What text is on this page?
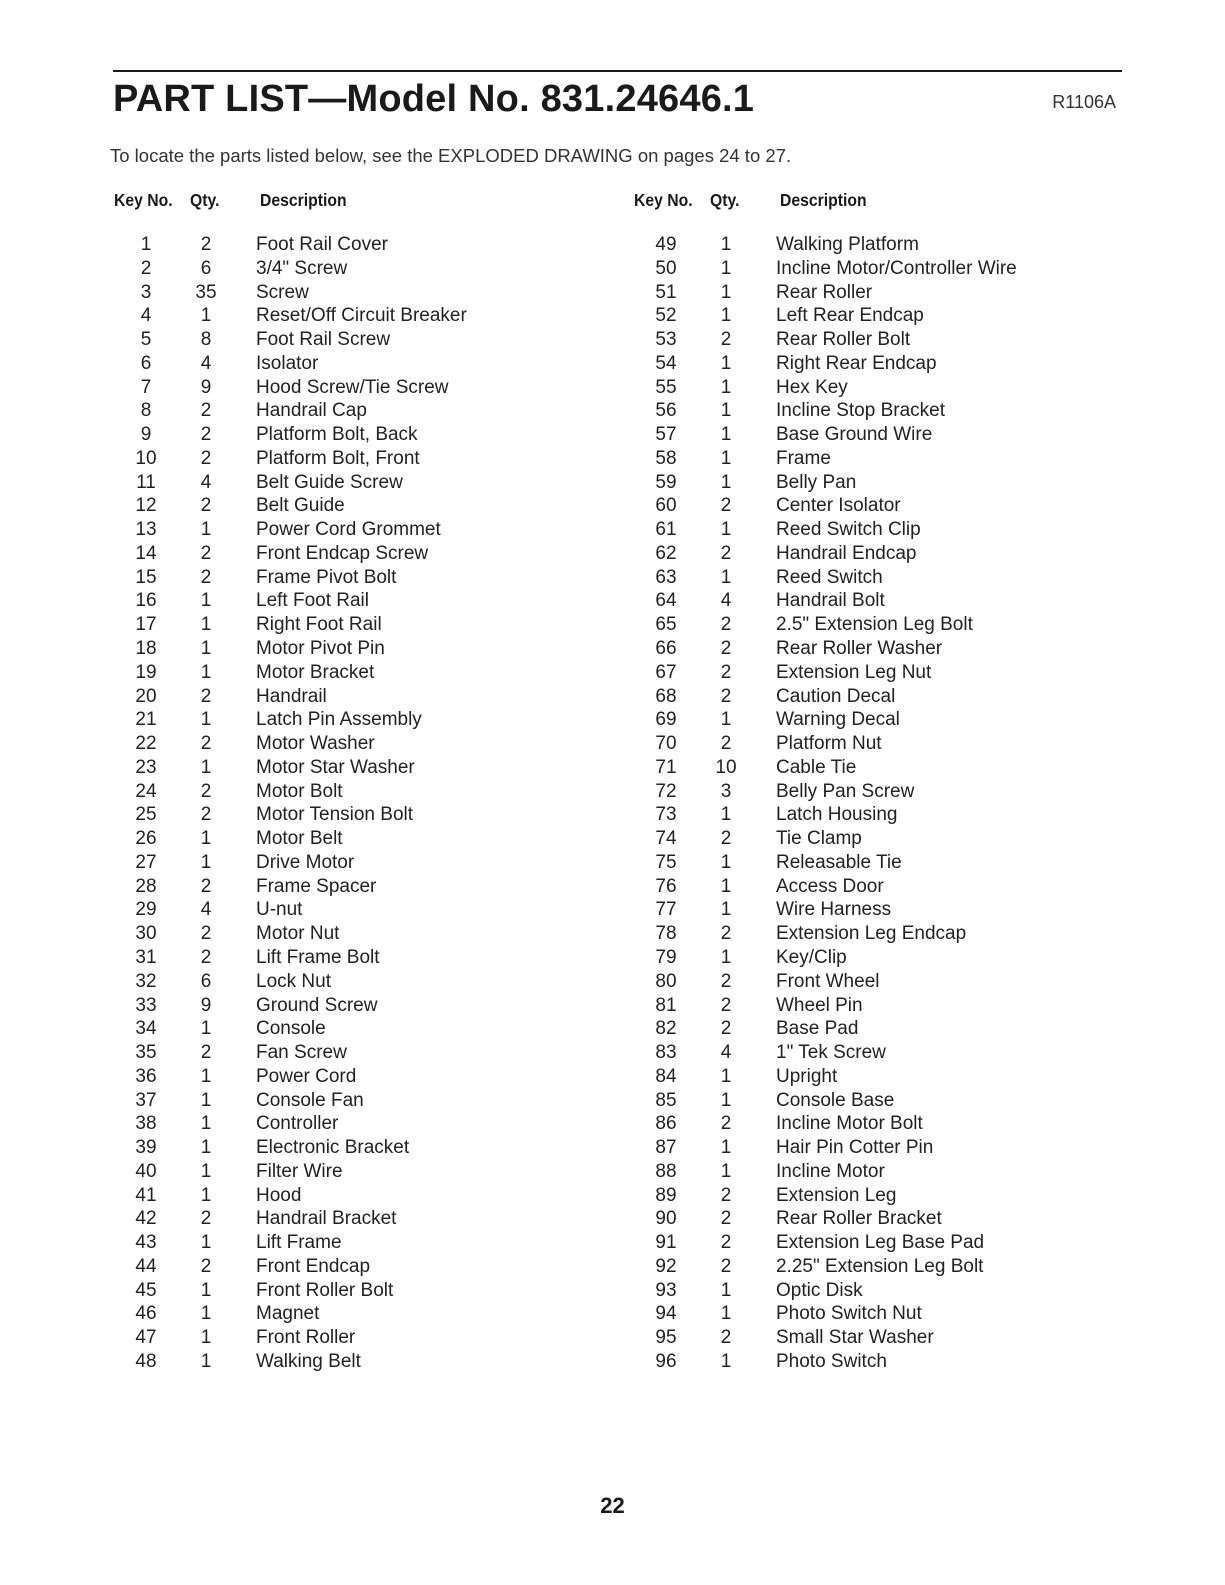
PART LIST—Model No. 831.24646.1	R1106A
To locate the parts listed below, see the EXPLODED DRAWING on pages 24 to 27.
Key No. Qty. Description
1	2	Foot Rail Cover
2	6	3/4" Screw
3	35	Screw
4	1	Reset/Off Circuit Breaker
5	8	Foot Rail Screw
6	4	Isolator
7	9	Hood Screw/Tie Screw
8	2	Handrail Cap
9	2	Platform Bolt, Back
10	2	Platform Bolt, Front
11	4	Belt Guide Screw
12	2	Belt Guide
13	1	Power Cord Grommet
14	2	Front Endcap Screw
15	2	Frame Pivot Bolt
16	1	Left Foot Rail
17	1	Right Foot Rail
18	1	Motor Pivot Pin
19	1	Motor Bracket
20	2	Handrail
21	1	Latch Pin Assembly
22	2	Motor Washer
23	1	Motor Star Washer
24	2	Motor Bolt
25	2	Motor Tension Bolt
26	1	Motor Belt
27	1	Drive Motor
28	2	Frame Spacer
29	4	U-nut
30	2	Motor Nut
31	2	Lift Frame Bolt
32	6	Lock Nut
33	9	Ground Screw
34	1	Console
35	2	Fan Screw
36	1	Power Cord
37	1	Console Fan
38	1	Controller
39	1	Electronic Bracket
40	1	Filter Wire
41	1	Hood
42	2	Handrail Bracket
43	1	Lift Frame
44	2	Front Endcap
45	1	Front Roller Bolt
46	1	Magnet
47	1	Front Roller
48	1	Walking Belt
Key No. Qty. Description
49	1	Walking Platform
50	1	Incline Motor/Controller Wire
51	1	Rear Roller
52	1	Left Rear Endcap
53	2	Rear Roller Bolt
54	1	Right Rear Endcap
55	1	Hex Key
56	1	Incline Stop Bracket
57	1	Base Ground Wire
58	1	Frame
59	1	Belly Pan
60	2	Center Isolator
61	1	Reed Switch Clip
62	2	Handrail Endcap
63	1	Reed Switch
64	4	Handrail Bolt
65	2	2.5" Extension Leg Bolt
66	2	Rear Roller Washer
67	2	Extension Leg Nut
68	2	Caution Decal
69	1	Warning Decal
70	2	Platform Nut
71	10	Cable Tie
72	3	Belly Pan Screw
73	1	Latch Housing
74	2	Tie Clamp
75	1	Releasable Tie
76	1	Access Door
77	1	Wire Harness
78	2	Extension Leg Endcap
79	1	Key/Clip
80	2	Front Wheel
81	2	Wheel Pin
82	2	Base Pad
83	4	1" Tek Screw
84	1	Upright
85	1	Console Base
86	2	Incline Motor Bolt
87	1	Hair Pin Cotter Pin
88	1	Incline Motor
89	2	Extension Leg
90	2	Rear Roller Bracket
91	2	Extension Leg Base Pad
92	2	2.25" Extension Leg Bolt
93	1	Optic Disk
94	1	Photo Switch Nut
95	2	Small Star Washer
96	1	Photo Switch
22
